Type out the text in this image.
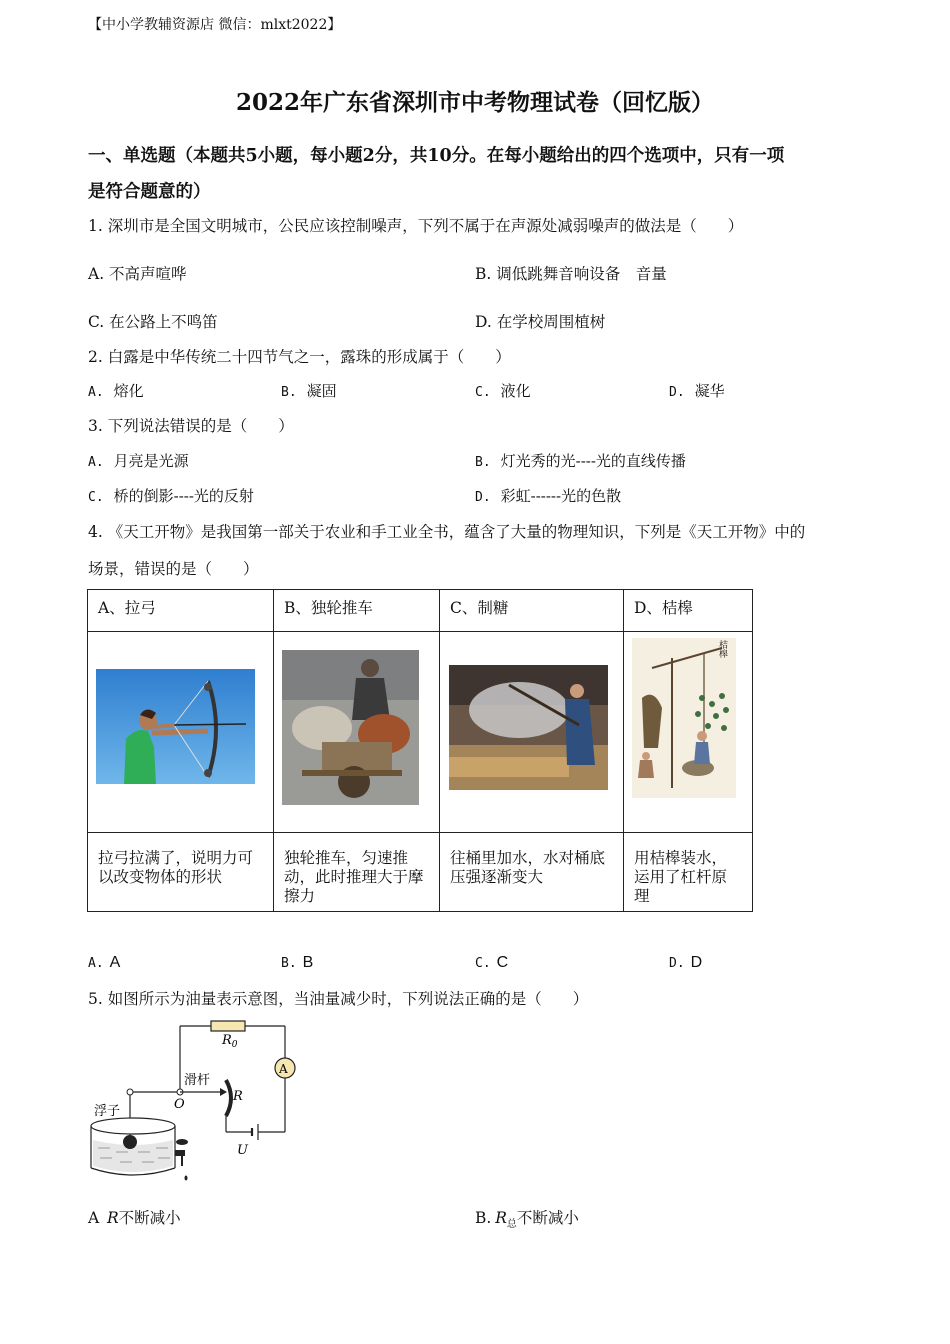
【中小学教辅资源店 微信：mlxt2022】
2022年广东省深圳市中考物理试卷（回忆版）
一、单选题（本题共5小题，每小题2分，共10分。在每小题给出的四个选项中，只有一项
是符合题意的）
1. 深圳市是全国文明城市，公民应该控制噪声，下列不属于在声源处减弱噪声的做法是（　　）
A. 不高声喧哗	B. 调低跳舞音响设备　音量
C. 在公路上不鸣笛	D. 在学校周围植树
2. 白露是中华传统二十四节气之一，露珠的形成属于（　　）
A. 熔化	B. 凝固	C. 液化	D. 凝华
3. 下列说法错误的是（　　）
A. 月亮是光源	B. 灯光秀的光----光的直线传播
C. 桥的倒影----光的反射	D. 彩虹------光的色散
4. 《天工开物》是我国第一部关于农业和手工业全书，蕴含了大量的物理知识，下列是《天工开物》中的
场景，错误的是（　　）
A、拉弓	B、独轮推车	C、制糖	D、桔槔

桔槔

拉弓拉满了，说明力可以改变物体的形状	独轮推车，匀速推动，此时推理大于摩擦力	往桶里加水，水对桶底压强逐渐变大	用桔槔装水，运用了杠杆原理
A. A	B. B	C. C	D. D
5. 如图所示为油量表示意图，当油量减少时，下列说法正确的是（　　）
$R_0$
A
滑杆
O
R
浮子
U
A  R不断减小	B.  $R_总$不断减小
